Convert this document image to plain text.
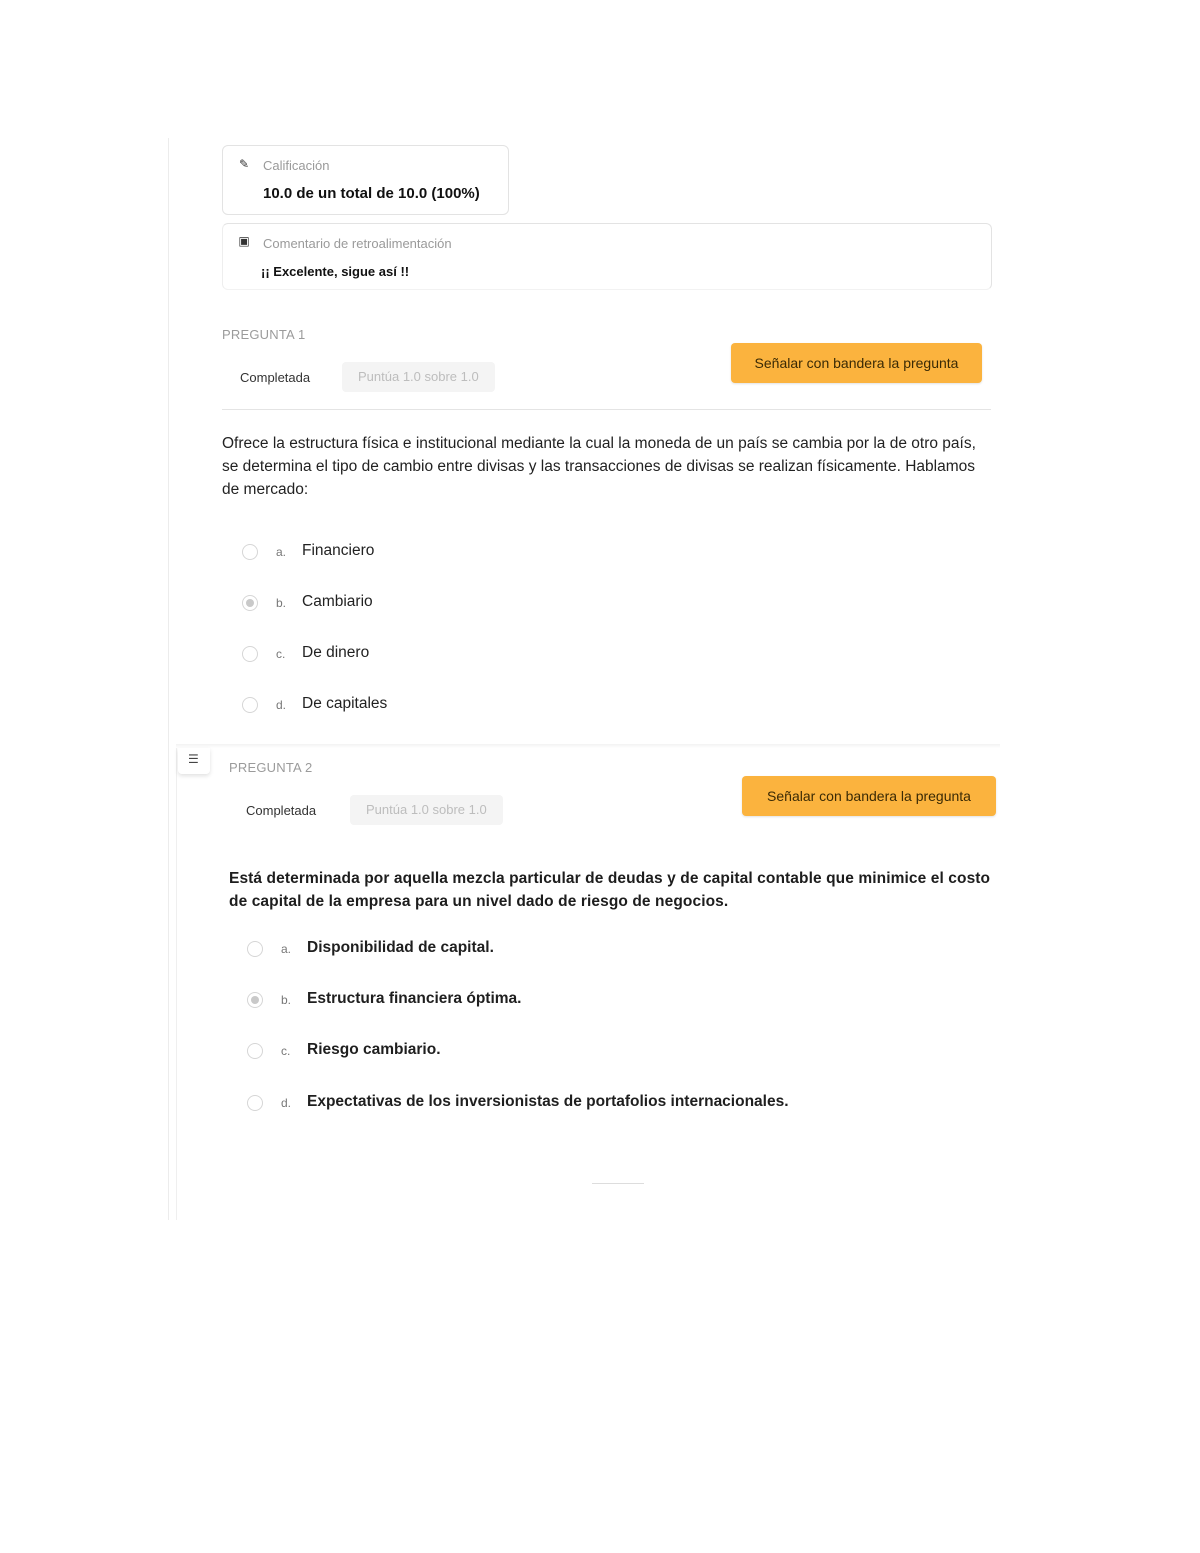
✎ Calificación
10.0 de un total de 10.0 (100%)
▣ Comentario de retroalimentación
¡¡ Excelente, sigue así !!
PREGUNTA 1
Completada	Puntúa 1.0 sobre 1.0
Señalar con bandera la pregunta
Ofrece la estructura física e institucional mediante la cual la moneda de un país se cambia por la de otro país, se determina el tipo de cambio entre divisas y las transacciones de divisas se realizan físicamente. Hablamos de mercado:
a. Financiero
b. Cambiario
c. De dinero
d. De capitales
☰
PREGUNTA 2
Completada	Puntúa 1.0 sobre 1.0
Señalar con bandera la pregunta
Está determinada por aquella mezcla particular de deudas y de capital contable que minimice el costo de capital de la empresa para un nivel dado de riesgo de negocios.
a. Disponibilidad de capital.
b. Estructura financiera óptima.
c. Riesgo cambiario.
d. Expectativas de los inversionistas de portafolios internacionales.
